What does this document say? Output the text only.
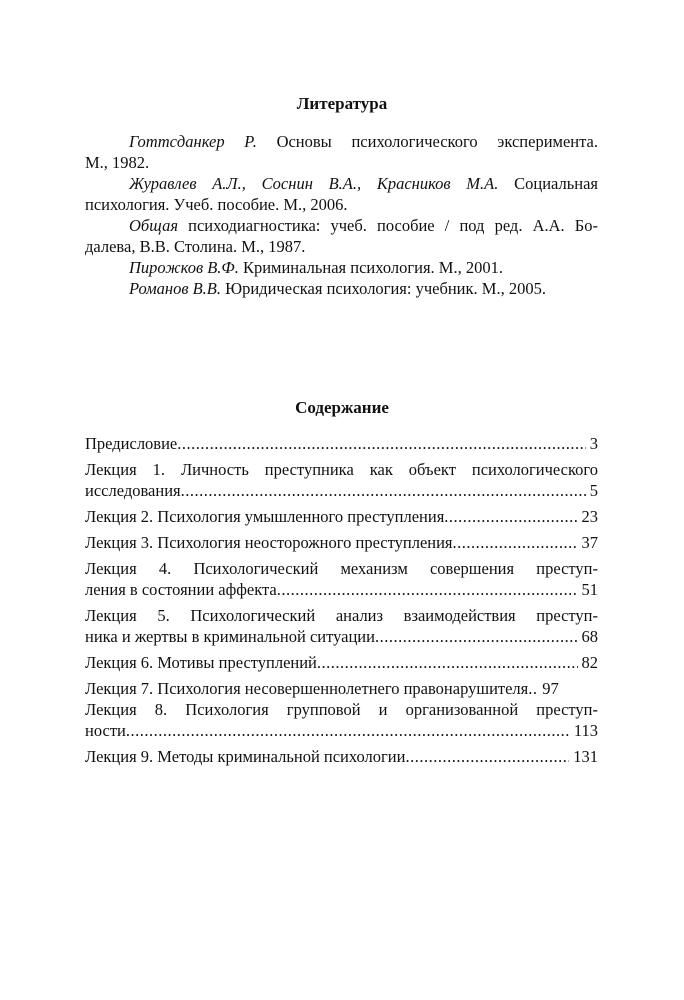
Литература

Готтсданкер Р. Основы психологического эксперимента.

М., 1982.

Журавлев А.Л., Соснин В.А., Красников М.А. Социальная

психология. Учеб. пособие. М., 2006.

Общая психодиагностика: учеб. пособие / под ред. А.А. Бо-

далева, В.В. Столина. М., 1987.

Пирожков В.Ф. Криминальная психология. М., 2001.

Романов В.В. Юридическая психология: учебник. М., 2005.

Содержание
Предисловие .....	3
Лекция 1. Личность преступника как объект психологического
исследования .....	5
Лекция 2. Психология умышленного преступления .....	23
Лекция 3. Психология неосторожного преступления .....	37
Лекция 4. Психологический механизм совершения преступ-
ления в состоянии аффекта .....	51
Лекция 5. Психологический анализ взаимодействия преступ-
ника и жертвы в криминальной ситуации .....	68
Лекция 6. Мотивы преступлений .....	82
Лекция 7. Психология несовершеннолетнего правонарушителя ..... 97
Лекция 8. Психология групповой и организованной преступ-
ности .....	113
Лекция 9. Методы криминальной психологии .....	131
